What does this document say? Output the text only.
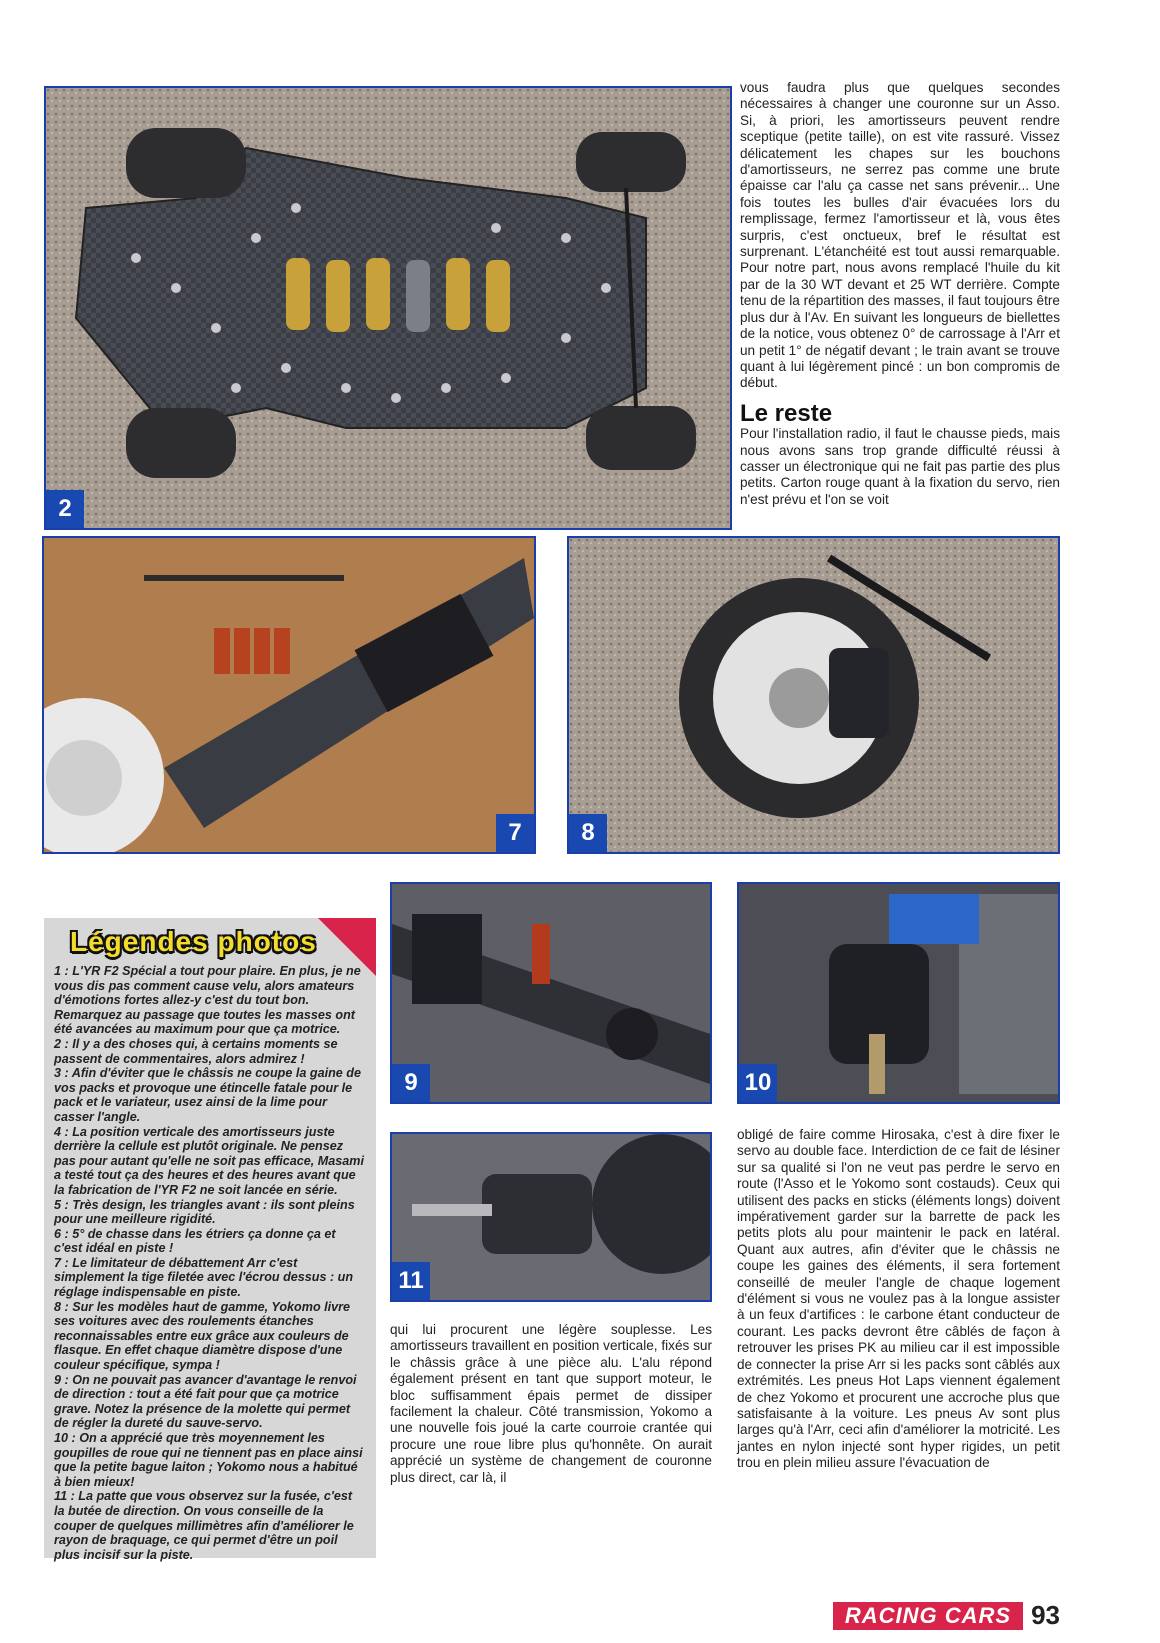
2

vous faudra plus que quelques secondes nécessaires à changer une couronne sur un Asso. Si, à priori, les amortisseurs peuvent rendre sceptique (petite taille), on est vite rassuré. Vissez délicatement les chapes sur les bouchons d'amortisseurs, ne serrez pas comme une brute épaisse car l'alu ça casse net sans prévenir... Une fois toutes les bulles d'air évacuées lors du remplissage, fermez l'amortisseur et là, vous êtes surpris, c'est onctueux, bref le résultat est surprenant. L'étanchéité est tout aussi remarquable. Pour notre part, nous avons remplacé l'huile du kit par de la 30 WT devant et 25 WT derrière. Compte tenu de la répartition des masses, il faut toujours être plus dur à l'Av. En suivant les longueurs de biellettes de la notice, vous obtenez 0° de carrossage à l'Arr et un petit 1° de négatif devant ; le train avant se trouve quant à lui légèrement pincé : un bon compromis de début.

Le reste

Pour l'installation radio, il faut le chausse pieds, mais nous avons sans trop grande difficulté réussi à casser un électronique qui ne fait pas partie des plus petits. Carton rouge quant à la fixation du servo, rien n'est prévu et l'on se voit

7	8
Légendes photos

1 : L'YR F2 Spécial a tout pour plaire. En plus, je ne vous dis pas comment cause velu, alors amateurs d'émotions fortes allez-y c'est du tout bon. Remarquez au passage que toutes les masses ont été avancées au maximum pour que ça motrice.

2 : Il y a des choses qui, à certains moments se passent de commentaires, alors admirez !

3 : Afin d'éviter que le châssis ne coupe la gaine de vos packs et provoque une étincelle fatale pour le pack et le variateur, usez ainsi de la lime pour casser l'angle.

4 : La position verticale des amortisseurs juste derrière la cellule est plutôt originale. Ne pensez pas pour autant qu'elle ne soit pas efficace, Masami a testé tout ça des heures et des heures avant que la fabrication de l'YR F2 ne soit lancée en série.

5 : Très design, les triangles avant : ils sont pleins pour une meilleure rigidité.

6 : 5° de chasse dans les étriers ça donne ça et c'est idéal en piste !

7 : Le limitateur de débattement Arr c'est simplement la tige filetée avec l'écrou dessus : un réglage indispensable en piste.

8 : Sur les modèles haut de gamme, Yokomo livre ses voitures avec des roulements étanches reconnaissables entre eux grâce aux couleurs de flasque. En effet chaque diamètre dispose d'une couleur spécifique, sympa !

9 : On ne pouvait pas avancer d'avantage le renvoi de direction : tout a été fait pour que ça motrice grave. Notez la présence de la molette qui permet de régler la dureté du sauve-servo.

10 : On a apprécié que très moyennement les goupilles de roue qui ne tiennent pas en place ainsi que la petite bague laiton ; Yokomo nous a habitué à bien mieux!

11 : La patte que vous observez sur la fusée, c'est la butée de direction. On vous conseille de la couper de quelques millimètres afin d'améliorer le rayon de braquage, ce qui permet d'être un poil plus incisif sur la piste.

9	10
11

qui lui procurent une légère souplesse. Les amortisseurs travaillent en position verticale, fixés sur le châssis grâce à une pièce alu. L'alu répond également présent en tant que support moteur, le bloc suffisamment épais permet de dissiper facilement la chaleur. Côté transmission, Yokomo a une nouvelle fois joué la carte courroie crantée qui procure une roue libre plus qu'honnête. On aurait apprécié un système de changement de couronne plus direct, car là, il

obligé de faire comme Hirosaka, c'est à dire fixer le servo au double face. Interdiction de ce fait de lésiner sur sa qualité si l'on ne veut pas perdre le servo en route (l'Asso et le Yokomo sont costauds). Ceux qui utilisent des packs en sticks (éléments longs) doivent impérativement garder sur la barrette de pack les petits plots alu pour maintenir le pack en latéral. Quant aux autres, afin d'éviter que le châssis ne coupe les gaines des éléments, il sera fortement conseillé de meuler l'angle de chaque logement d'élément si vous ne voulez pas à la longue assister à un feux d'artifices : le carbone étant conducteur de courant. Les packs devront être câblés de façon à retrouver les prises PK au milieu car il est impossible de connecter la prise Arr si les packs sont câblés aux extrémités. Les pneus Hot Laps viennent également de chez Yokomo et procurent une accroche plus que satisfaisante à la voiture. Les pneus Av sont plus larges qu'à l'Arr, ceci afin d'améliorer la motricité. Les jantes en nylon injecté sont hyper rigides, un petit trou en plein milieu assure l'évacuation de

RACING CARS 93
